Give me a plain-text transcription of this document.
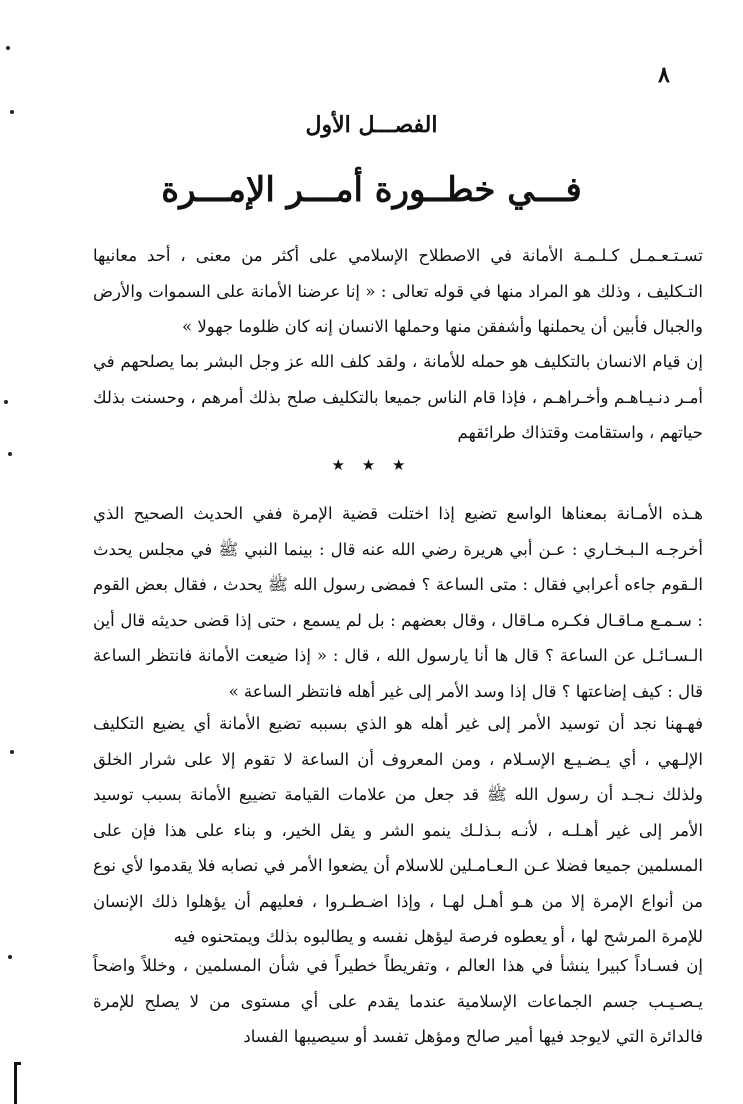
٨
الفصـــل الأول
فـــي خطــورة أمـــر الإمـــرة
تسـتـعـمـل كـلـمـة الأمانة في الاصطلاح الإسلامي على أكثر من معنى ، أحد معانيها التـكليف ، وذلك هو المراد منها في قوله تعالى : « إنا عرضنا الأمانة على السموات والأرض والجبال فأبين أن يحملنها وأشفقن منها وحملها الانسان إنه كان ظلوما جهولا »
إن قيام الانسان بالتكليف هو حمله للأمانة ، ولقد كلف الله عز وجل البشر بما يصلحهم في أمـر دنـيـاهـم وأخـراهـم ، فإذا قام الناس جميعا بالتكليف صلح بذلك أمرهم ، وحسنت بذلك حياتهم ، واستقامت وقتذاك طرائقهم
★ ★ ★
هـذه الأمـانة بمعناها الواسع تضيع إذا اختلت قضية الإمرة ففي الحديث الصحيح الذي أخرجـه الـبـخـاري : عـن أبي هريرة رضي الله عنه قال : بينما النبي ﷺ في مجلس يحدث الـقوم جاءه أعرابي فقال : متى الساعة ؟ فمضى رسول الله ﷺ يحدث ، فقال بعض القوم : سـمـع مـاقـال فكـره مـاقال ، وقال بعضهم : بل لم يسمع ، حتى إذا قضى حديثه قال أين الـسـائـل عن الساعة ؟ قال ها أنا يارسول الله ، قال : « إذا ضيعت الأمانة فانتظر الساعة قال : كيف إضاعتها ؟ قال إذا وسد الأمر إلى غير أهله فانتظر الساعة »
فهـهنا نجد أن توسيد الأمر إلى غير أهله هو الذي بسببه تضيع الأمانة أي يضيع التكليف الإلـهي ، أي يـضـيـع الإسـلام ، ومن المعروف أن الساعة لا تقوم إلا على شرار الخلق ولذلك نـجـد أن رسول الله ﷺ قد جعل من علامات القيامة تضييع الأمانة بسبب توسيد الأمر إلى غير أهـلـه ، لأنـه بـذلـك ينمو الشر و يقل الخير، و بناء على هذا فإن على المسلمين جميعا فضلا عـن الـعـامـلين للاسلام أن يضعوا الأمر في نصابه فلا يقدموا لأي نوع من أنواع الإمرة إلا من هـو أهـل لهـا ، وإذا اضـطـروا ، فعليهم أن يؤهلوا ذلك الإنسان للإمرة المرشح لها ، أو يعطوه فرصة ليؤهل نفسه و يطالبوه بذلك ويمتحنوه فيه
إن فسـاداً كبيرا ينشأ في هذا العالم ، وتفريطاً خطيراً في شأن المسلمين ، وخللاً واضحاً يـصـيـب جسم الجماعات الإسلامية عندما يقدم على أي مستوى من لا يصلح للإمرة فالدائرة التي لايوجد فيها أمير صالح ومؤهل تفسد أو سيصيبها الفساد
